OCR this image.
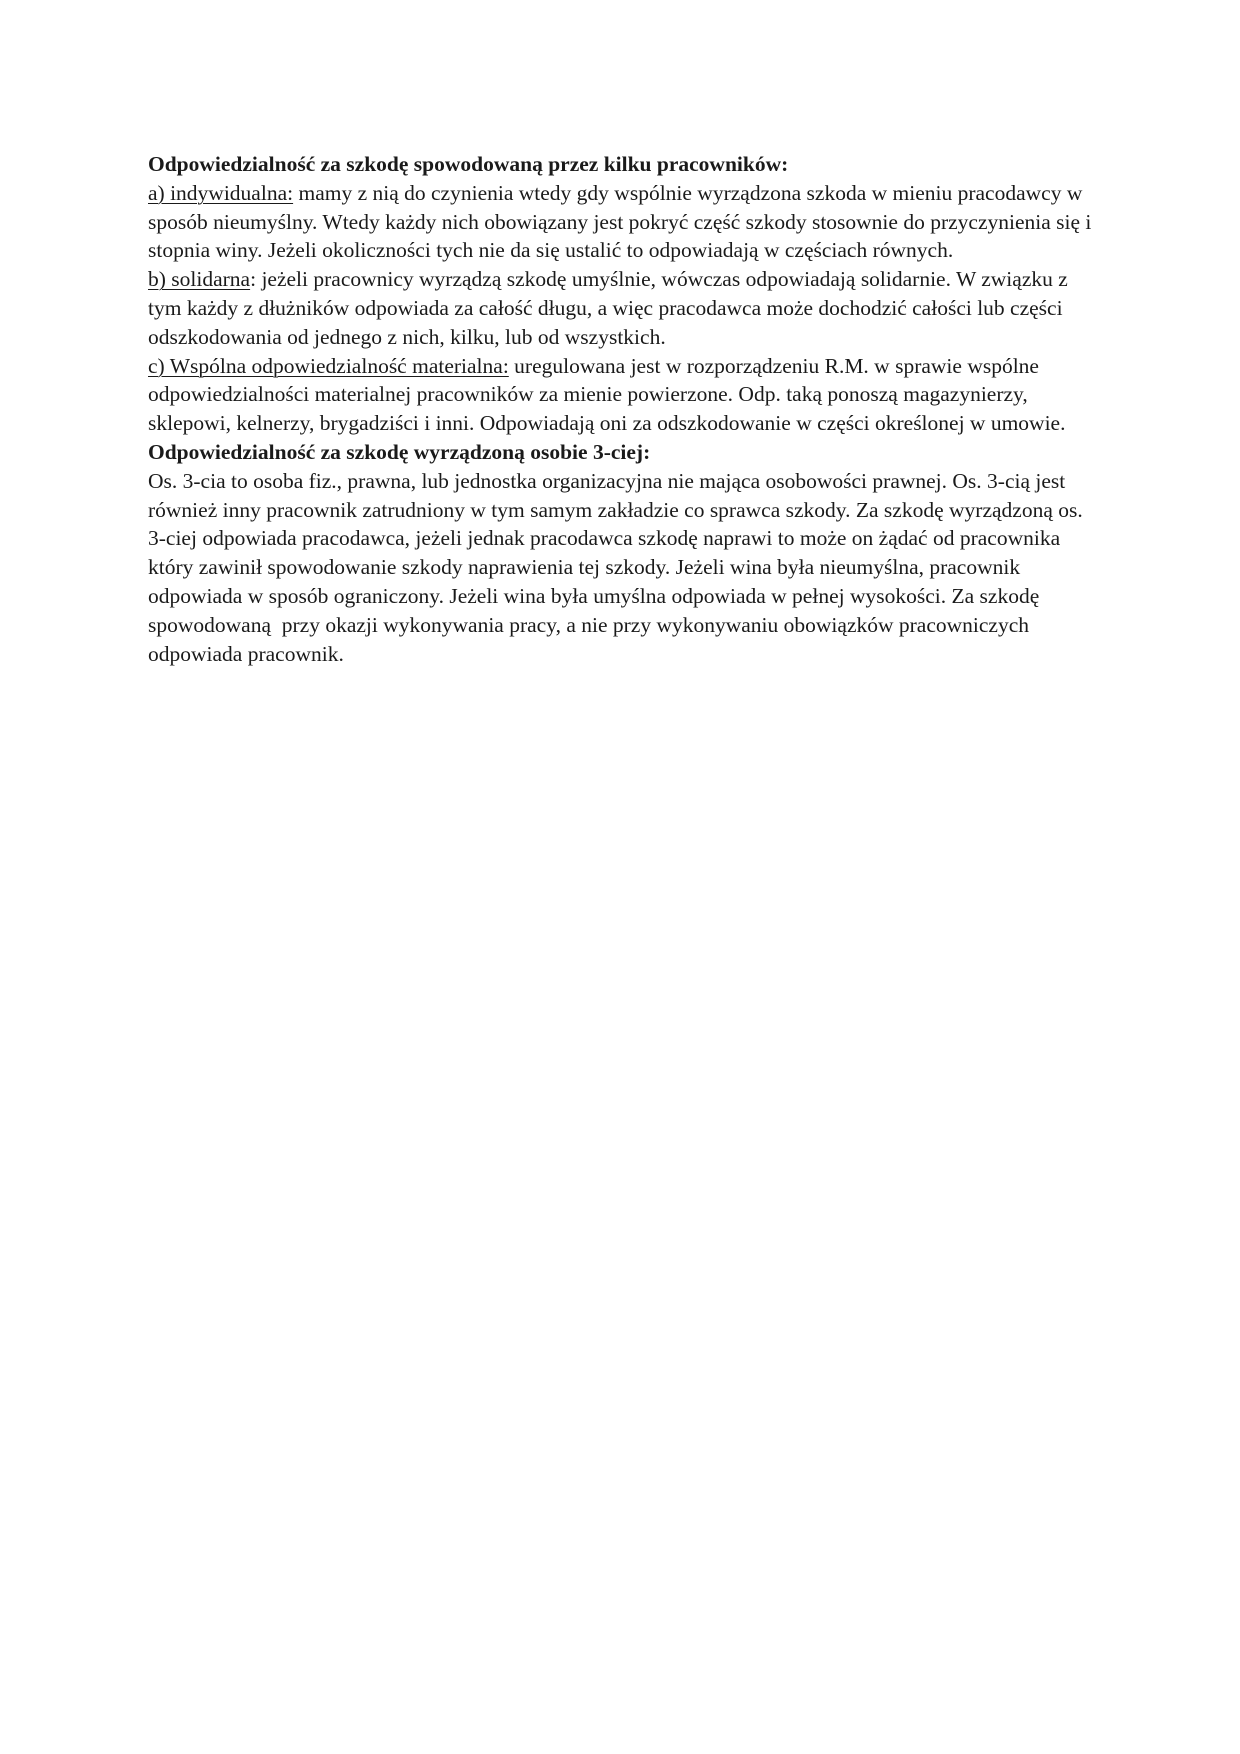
Odpowiedzialność za szkodę spowodowaną przez kilku pracowników:

a) indywidualna: mamy z nią do czynienia wtedy gdy wspólnie wyrządzona szkoda w mieniu pracodawcy w sposób nieumyślny. Wtedy każdy nich obowiązany jest pokryć część szkody stosownie do przyczynienia się i stopnia winy. Jeżeli okoliczności tych nie da się ustalić to odpowiadają w częściach równych.

b) solidarna: jeżeli pracownicy wyrządzą szkodę umyślnie, wówczas odpowiadają solidarnie. W związku z tym każdy z dłużników odpowiada za całość długu, a więc pracodawca może dochodzić całości lub części odszkodowania od jednego z nich, kilku, lub od wszystkich.

c) Wspólna odpowiedzialność materialna: uregulowana jest w rozporządzeniu R.M. w sprawie wspólne odpowiedzialności materialnej pracowników za mienie powierzone. Odp. taką ponoszą magazynierzy, sklepowi, kelnerzy, brygadziści i inni. Odpowiadają oni za odszkodowanie w części określonej w umowie.

Odpowiedzialność za szkodę wyrządzoną osobie 3-ciej:

Os. 3-cia to osoba fiz., prawna, lub jednostka organizacyjna nie mająca osobowości prawnej. Os. 3-cią jest również inny pracownik zatrudniony w tym samym zakładzie co sprawca szkody. Za szkodę wyrządzoną os. 3-ciej odpowiada pracodawca, jeżeli jednak pracodawca szkodę naprawi to może on żądać od pracownika który zawinił spowodowanie szkody naprawienia tej szkody. Jeżeli wina była nieumyślna, pracownik odpowiada w sposób ograniczony. Jeżeli wina była umyślna odpowiada w pełnej wysokości. Za szkodę spowodowaną  przy okazji wykonywania pracy, a nie przy wykonywaniu obowiązków pracowniczych odpowiada pracownik.
